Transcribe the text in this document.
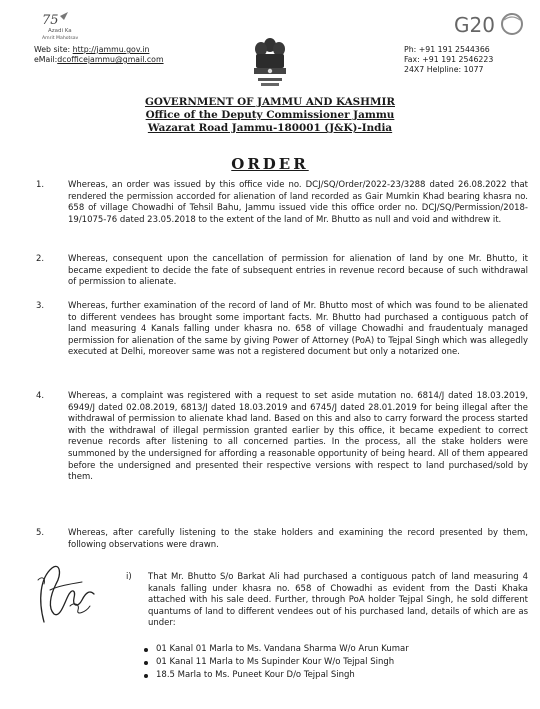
75
Azadi Ka
Amrit Mahotsav
G20
Web site: http://jammu.gov.in
eMail:dcofficejammu@gmail.com
Ph: +91 191 2544366
Fax: +91 191 2546223
24X7 Helpline: 1077
GOVERNMENT OF JAMMU AND KASHMIR
Office of the Deputy Commissioner Jammu
Wazarat Road Jammu-180001 (J&K)-India
ORDER
1.	Whereas, an order was issued by this office vide no. DCJ/SQ/Order/2022-23/3288 dated 26.08.2022 that rendered the permission accorded for alienation of land recorded as Gair Mumkin Khad bearing khasra no. 658 of village Chowadhi of Tehsil Bahu, Jammu issued vide this office order no. DCJ/SQ/Permission/2018-19/1075-76 dated 23.05.2018 to the extent of the land of Mr. Bhutto as null and void and withdrew it.
2.	Whereas, consequent upon the cancellation of permission for alienation of land by one Mr. Bhutto, it became expedient to decide the fate of subsequent entries in revenue record because of such withdrawal of permission to alienate.
3.	Whereas, further examination of the record of land of Mr. Bhutto most of which was found to be alienated to different vendees has brought some important facts. Mr. Bhutto had purchased a contiguous patch of land measuring 4 Kanals falling under khasra no. 658 of village Chowadhi and fraudentualy managed permission for alienation of the same by giving Power of Attorney (PoA) to Tejpal Singh which was allegedly executed at Delhi, moreover same was not a registered document but only a notarized one.
4.	Whereas, a complaint was registered with a request to set aside mutation no. 6814/J dated 18.03.2019, 6949/J dated 02.08.2019, 6813/J dated 18.03.2019 and 6745/J dated 28.01.2019 for being illegal after the withdrawal of permission to alienate khad land. Based on this and also to carry forward the process started with the withdrawal of illegal permission granted earlier by this office, it became expedient to correct revenue records after listening to all concerned parties. In the process, all the stake holders were summoned by the undersigned for affording a reasonable opportunity of being heard. All of them appeared before the undersigned and presented their respective versions with respect to land purchased/sold by them.
5.	Whereas, after carefully listening to the stake holders and examining the record presented by them, following observations were drawn.
i) That Mr. Bhutto S/o Barkat Ali had purchased a contiguous patch of land measuring 4 kanals falling under khasra no. 658 of Chowadhi as evident from the Dasti Khaka attached with his sale deed. Further, through PoA holder Tejpal Singh, he sold different quantums of land to different vendees out of his purchased land, details of which are as under:
01 Kanal 01 Marla to Ms. Vandana Sharma W/o Arun Kumar
01 Kanal 11 Marla to Ms Supinder Kour W/o Tejpal Singh
18.5 Marla to Ms. Puneet Kour D/o Tejpal Singh
